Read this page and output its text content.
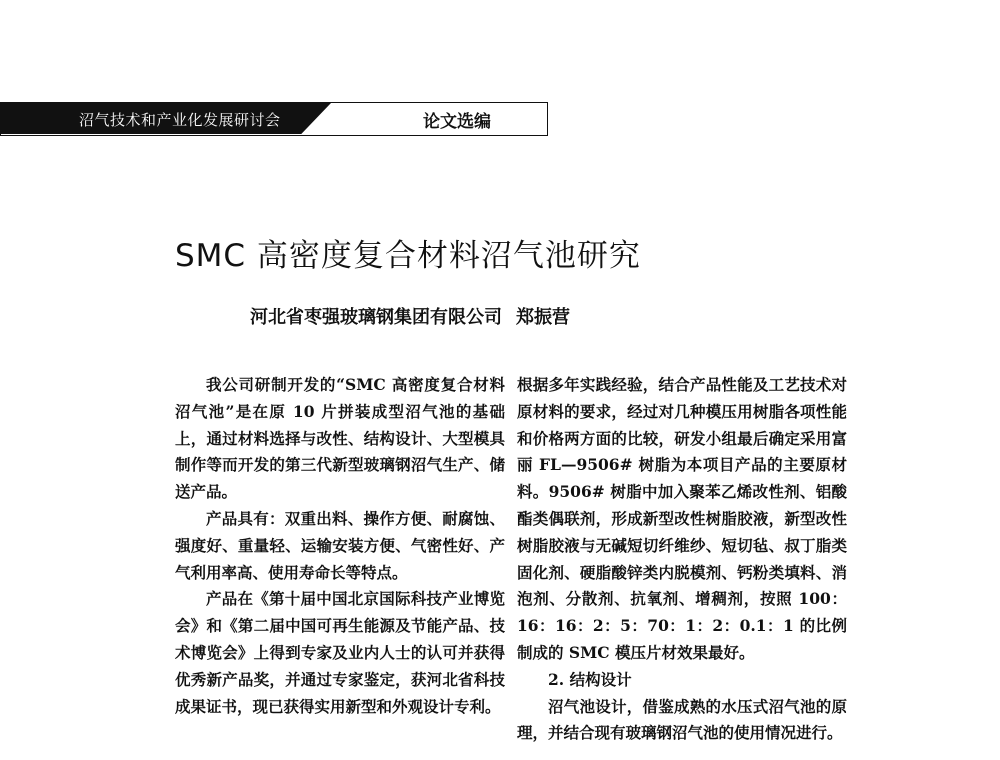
沼气技术和产业化发展研讨会	论文选编
SMC 高密度复合材料沼气池研究
河北省枣强玻璃钢集团有限公司 郑振营

我公司研制开发的“SMC 高密度复合材料沼气池”是在原 10 片拼装成型沼气池的基础上，通过材料选择与改性、结构设计、大型模具制作等而开发的第三代新型玻璃钢沼气生产、储送产品。

产品具有：双重出料、操作方便、耐腐蚀、强度好、重量轻、运输安装方便、气密性好、产气利用率高、使用寿命长等特点。

产品在《第十届中国北京国际科技产业博览会》和《第二届中国可再生能源及节能产品、技术博览会》上得到专家及业内人士的认可并获得优秀新产品奖，并通过专家鉴定，获河北省科技成果证书，现已获得实用新型和外观设计专利。

根据多年实践经验，结合产品性能及工艺技术对原材料的要求，经过对几种模压用树脂各项性能和价格两方面的比较，研发小组最后确定采用富丽 FL—9506# 树脂为本项目产品的主要原材料。9506# 树脂中加入聚苯乙烯改性剂、铝酸酯类偶联剂，形成新型改性树脂胶液，新型改性树脂胶液与无碱短切纤维纱、短切毡、叔丁脂类固化剂、硬脂酸锌类内脱模剂、钙粉类填料、消泡剂、分散剂、抗氧剂、增稠剂，按照 100：16：16：2：5：70：1：2：0.1：1 的比例制成的 SMC 模压片材效果最好。

2. 结构设计

沼气池设计，借鉴成熟的水压式沼气池的原理，并结合现有玻璃钢沼气池的使用情况进行。
